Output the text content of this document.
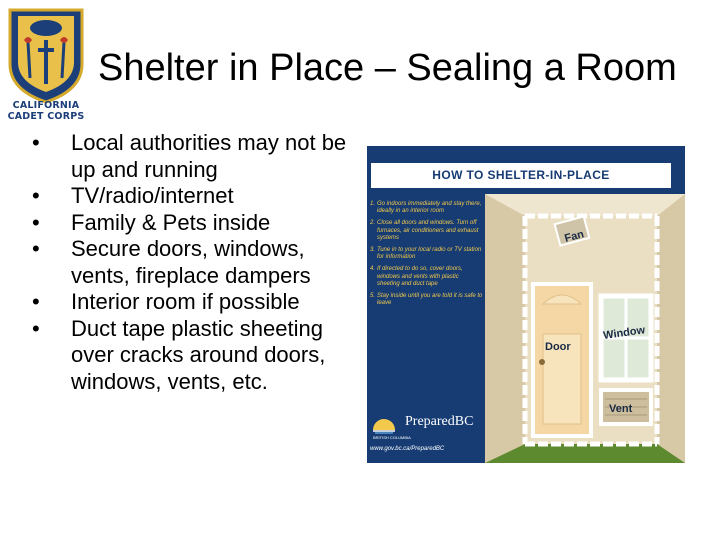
CALIFORNIA
CADET CORPS
Shelter in Place – Sealing a Room
• Local authorities may not be up and running
• TV/radio/internet
• Family & Pets inside
• Secure doors, windows, vents, fireplace dampers
• Interior room if possible
• Duct tape plastic sheeting over cracks around doors, windows, vents, etc.
HOW TO SHELTER-IN-PLACE
1. Go indoors immediately and stay there, ideally in an interior room
2. Close all doors and windows. Turn off furnaces, air conditioners and exhaust systems
3. Tune in to your local radio or TV station for information
4. If directed to do so, cover doors, windows and vents with plastic sheeting and duct tape
5. Stay inside until you are told it is safe to leave
BRITISH COLUMBIA
PreparedBC
www.gov.bc.ca/PreparedBC
Fan
Door
Window
Vent
